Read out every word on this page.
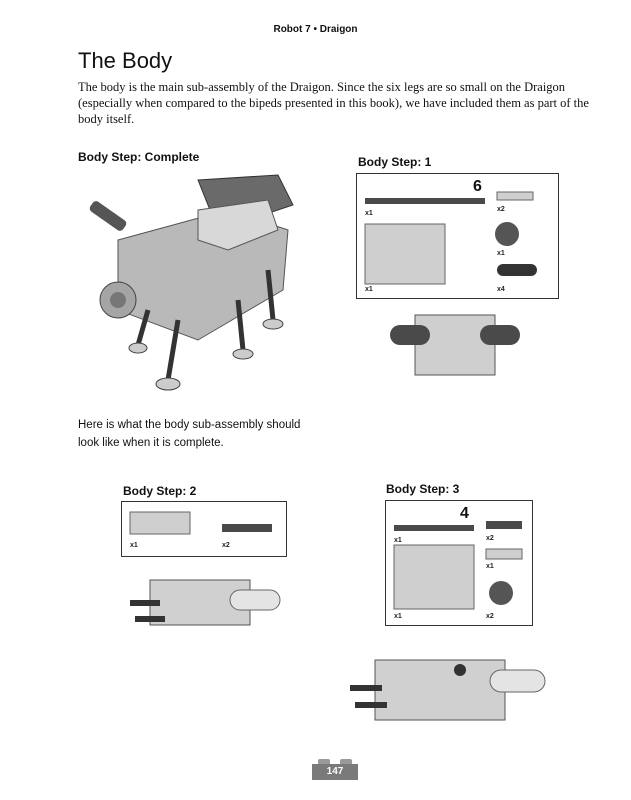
Robot 7 • Draigon
The Body
The body is the main sub-assembly of the Draigon. Since the six legs are so small on the Draigon (especially when compared to the bipeds presented in this book), we have included them as part of the body itself.
Body Step: Complete
Here is what the body sub-assembly should look like when it is complete.
Body Step: 1
6
x1
x2
x1
x1	x4
Body Step: 2
x1	x2
Body Step: 3
4
x1	x2
x1
x1	x2
147
